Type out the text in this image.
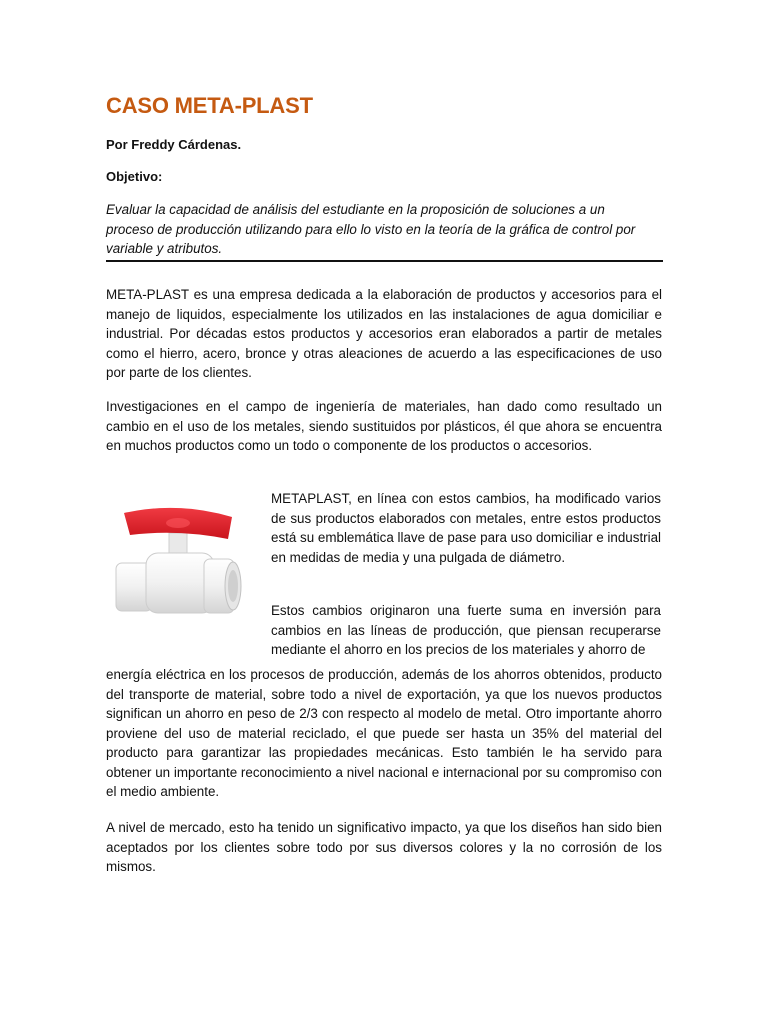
CASO META-PLAST
Por Freddy Cárdenas.
Objetivo:

Evaluar la capacidad de análisis del estudiante en la proposición de soluciones a un proceso de producción utilizando para ello lo visto en la teoría de la gráfica de control por variable y atributos.

META-PLAST es una empresa dedicada a la elaboración de productos y accesorios para el manejo de liquidos, especialmente los utilizados en las instalaciones de agua domiciliar e industrial. Por décadas estos productos y accesorios eran elaborados a partir de metales como el hierro, acero, bronce y otras aleaciones de acuerdo a las especificaciones de uso por parte de los clientes.

Investigaciones en el campo de ingeniería de materiales, han dado como resultado un cambio en el uso de los metales, siendo sustituidos por plásticos, él que ahora se encuentra en muchos productos como un todo o componente de los productos o accesorios.

METAPLAST, en línea con estos cambios, ha modificado varios de sus productos elaborados con metales, entre estos productos está su emblemática llave de pase para uso domiciliar e industrial en medidas de media y una pulgada de diámetro.

Estos cambios originaron una fuerte suma en inversión para cambios en las líneas de producción, que piensan recuperarse mediante el ahorro en los precios de los materiales y ahorro de

energía eléctrica en los procesos de producción, además de los ahorros obtenidos, producto del transporte de material, sobre todo a nivel de exportación, ya que los nuevos productos significan un ahorro en peso de 2/3 con respecto al modelo de metal. Otro importante ahorro proviene del uso de material reciclado, el que puede ser hasta un 35% del material del producto para garantizar las propiedades mecánicas. Esto también le ha servido para obtener un importante reconocimiento a nivel nacional e internacional por su compromiso con el medio ambiente.

A nivel de mercado, esto ha tenido un significativo impacto, ya que los diseños han sido bien aceptados por los clientes sobre todo por sus diversos colores y la no corrosión de los mismos.
